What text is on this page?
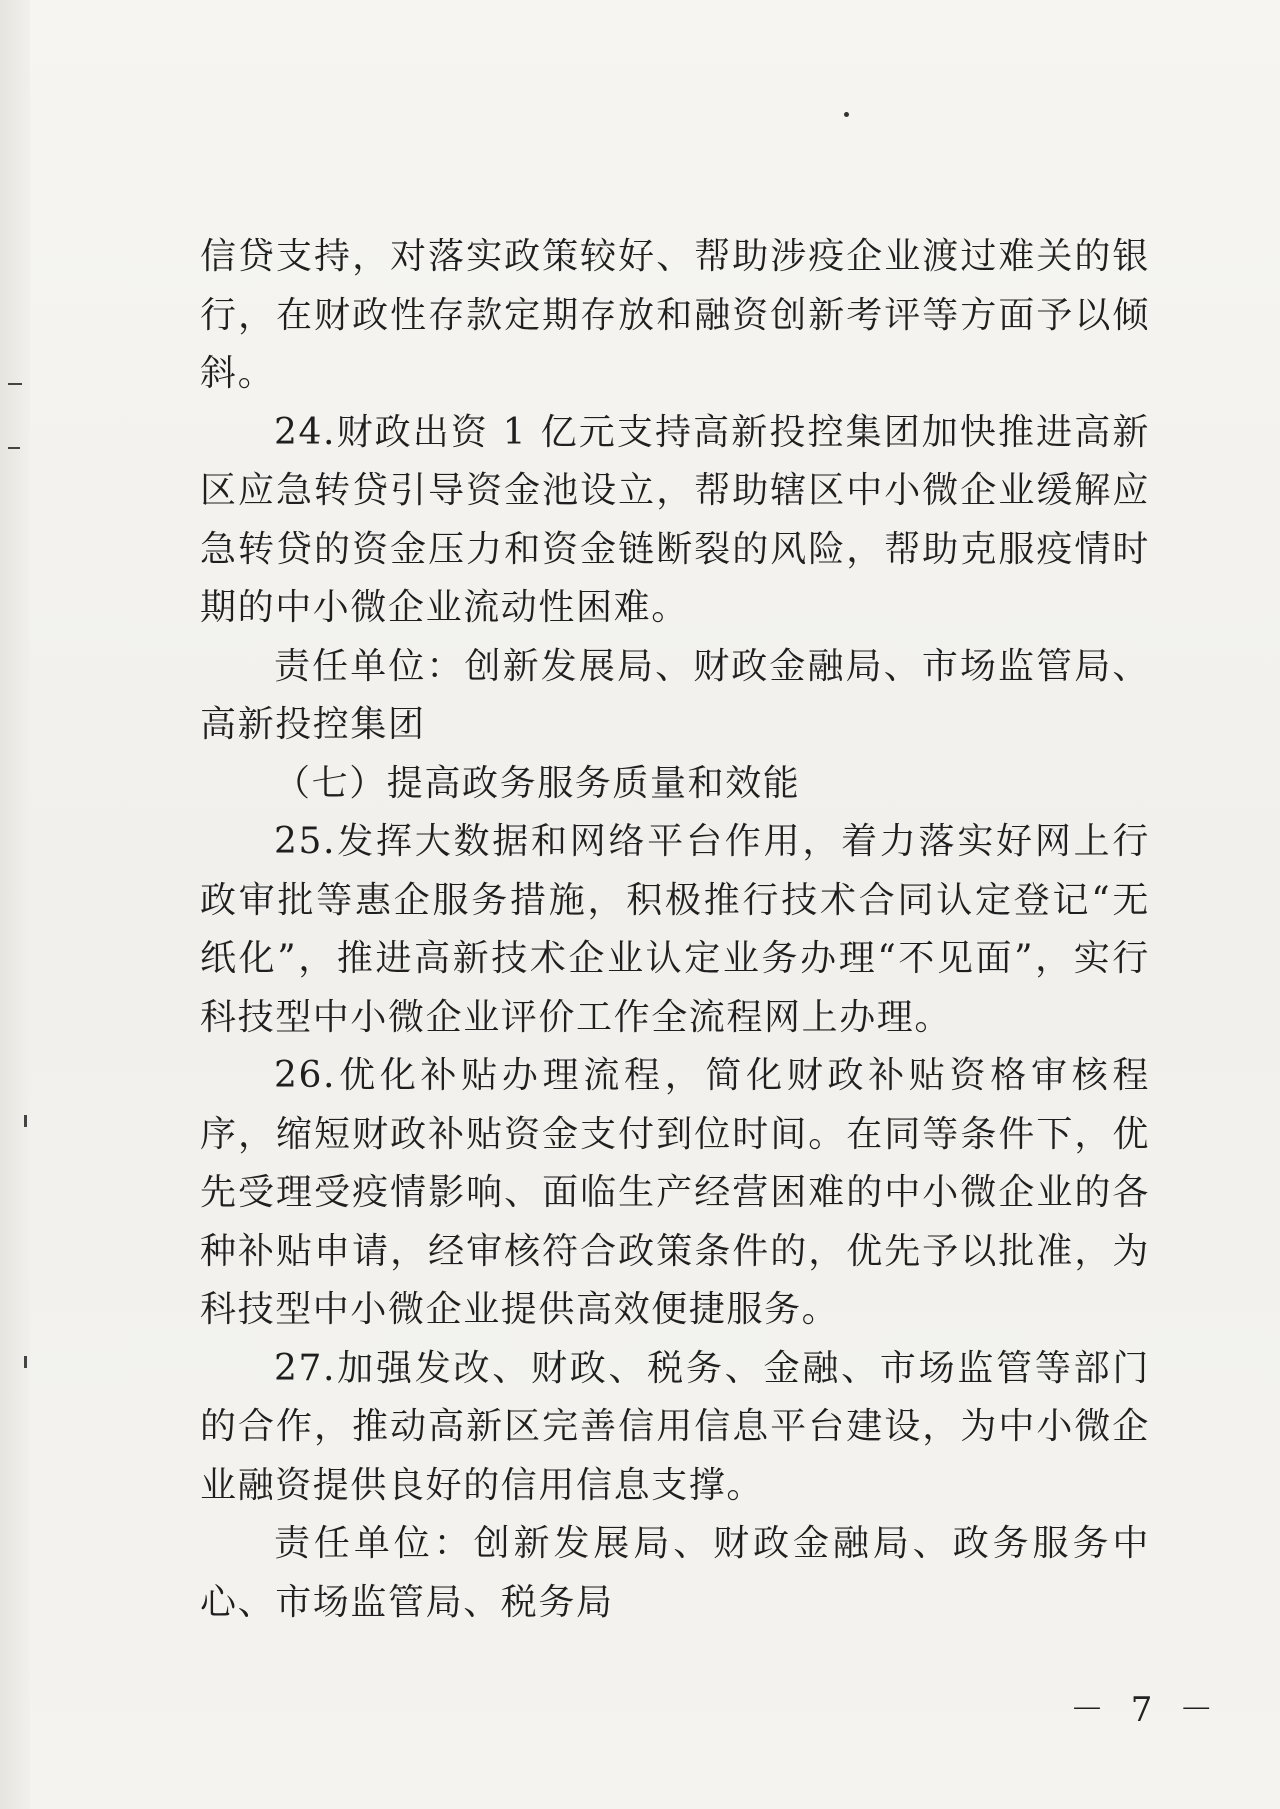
信贷支持，对落实政策较好、帮助涉疫企业渡过难关的银行，在财政性存款定期存放和融资创新考评等方面予以倾斜。

24.财政出资 1 亿元支持高新投控集团加快推进高新区应急转贷引导资金池设立，帮助辖区中小微企业缓解应急转贷的资金压力和资金链断裂的风险，帮助克服疫情时期的中小微企业流动性困难。

责任单位：创新发展局、财政金融局、市场监管局、高新投控集团

（七）提高政务服务质量和效能

25.发挥大数据和网络平台作用，着力落实好网上行政审批等惠企服务措施，积极推行技术合同认定登记“无纸化”，推进高新技术企业认定业务办理“不见面”，实行科技型中小微企业评价工作全流程网上办理。

26.优化补贴办理流程，简化财政补贴资格审核程序，缩短财政补贴资金支付到位时间。在同等条件下，优先受理受疫情影响、面临生产经营困难的中小微企业的各种补贴申请，经审核符合政策条件的，优先予以批准，为科技型中小微企业提供高效便捷服务。

27.加强发改、财政、税务、金融、市场监管等部门的合作，推动高新区完善信用信息平台建设，为中小微企业融资提供良好的信用信息支撑。

责任单位：创新发展局、财政金融局、政务服务中心、市场监管局、税务局

－ 7 －
